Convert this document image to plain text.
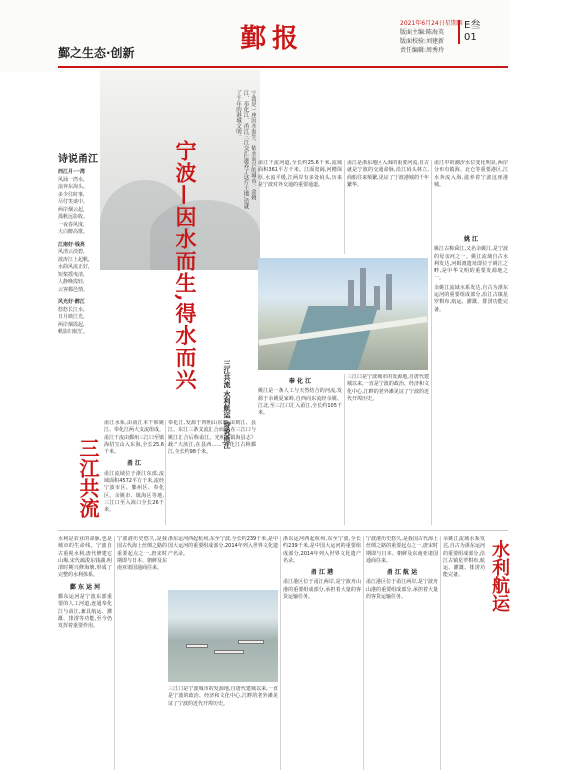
鄞之生态·创新	鄞报
2021年6月24日星期四
版面主编:陈海英
版面校验:刘建新
责任编辑:周秀玲
E叁
01
诗说甬江
西江月·一湾
风涌一湾水,
浪奔东海头。
多少往时事,
尽付笑谈中。
两岸烟云起,
孤帆远影收。
一夜春风度,
大白醉高歌。
江南好·钱亮
风清云淡碧,
波涛江上起帆,
水曲风流正好,
短桨摇曳清,
人静晚霞轻,
云客鄞邑情。
风光好·醉江
悠悠长江水,
日月映江光,
两岸烟霞起,
帆影归航忙。	宁波—因水而生,得水而兴
三江共流 水利航运 诗说甬江
宁波是一座因水而生、依水而兴的城市。余姚江、奉化江、甬江三江交汇,滋养了这片土地,造就了千年的港城文明。
三江共流
水利航运

甬江水系,由甬江本干和姚江、奉化江两大支流组成。甬江干流由鄞州三江口至镇海招宝山入东海,全长25.6千米。

甬 江

甬江流域位于浙江东部,流域面积4572平方千米,流经宁波市区、鄞州区、奉化区、余姚市、镇海区等地,三江口至入海口全长26千米。

奉化江,发源于四明山东麓,由剡江、县江、东江三条支流汇合而成,在三江口与姚江汇合后称甬江。光明《镇海县志》载:“大浃江,在县西……”奉化江古称鄞江,全长约98千米。

甬江干流河道,全长约25.6千米,流域面积361平方千米。江面宽阔,河槽深厚,水流平缓,江两岸有多处码头,历来是宁波对外交通的重要通道。

甬江是浙东地区入海的重要河流,自古就是宁波的交通命脉,沿江码头林立,商船往来频繁,见证了宁波港城的千年繁华。

甬江中的潮汐水位变化明显,两岸分布有镇海、北仑等重要港区,江水奔流入海,滋养着宁波这座港城。

姚 江

姚江古称舜江,又名余姚江,是宁波的母亲河之一。姚江流域自古水利发达,河姆渡遗址即位于姚江之畔,是中华文明的重要发源地之一。

余姚江流域水系发达,自古为浙东运河的重要组成部分,沿江古镇星罗棋布,航运、灌溉、排涝功能完备。

奉 化 江

姚江是一条人工与天然结合的河流,发源于余姚夏家岭,自西向东流经余姚、江北,至三江口汇入甬江,全长约105千米。

三江口是宁波城市的发源地,自唐代建城以来,一直是宁波的政治、经济和文化中心,江畔的老外滩见证了宁波的近代开埠历史。

水利是农业的命脉,也是城市的生命线。宁波自古重视水利,唐代修建它山堰,宋代疏浚东钱湖,明清时期兴修海塘,形成了完整的水利体系。

鄞 东 运 河

鄞东运河是宁波东部重要的人工河道,连通奉化江与甬江,兼具航运、灌溉、排涝等功能,至今仍发挥着重要作用。

宁波港历史悠久,是我国古代海上丝绸之路的重要起点之一,唐宋时期即与日本、朝鲜及东南亚诸国通商往来。

浙东运河西起杭州,东至宁波,全长约239千米,是中国大运河的重要组成部分,2014年列入世界文化遗产名录。

三江口是宁波城市的发源地,自唐代建城以来,一直是宁波的政治、经济和文化中心,江畔的老外滩见证了宁波的近代开埠历史。

浙东运河西起杭州,东至宁波,全长约239千米,是中国大运河的重要组成部分,2014年列入世界文化遗产名录。

甬 江 港

甬江港区位于甬江两岸,是宁波舟山港的重要组成部分,承担着大量的客货运输任务。

宁波港历史悠久,是我国古代海上丝绸之路的重要起点之一,唐宋时期即与日本、朝鲜及东南亚诸国通商往来。

甬 江 航 运

甬江港区位于甬江两岸,是宁波舟山港的重要组成部分,承担着大量的客货运输任务。

余姚江流域水系发达,自古为浙东运河的重要组成部分,沿江古镇星罗棋布,航运、灌溉、排涝功能完备。
